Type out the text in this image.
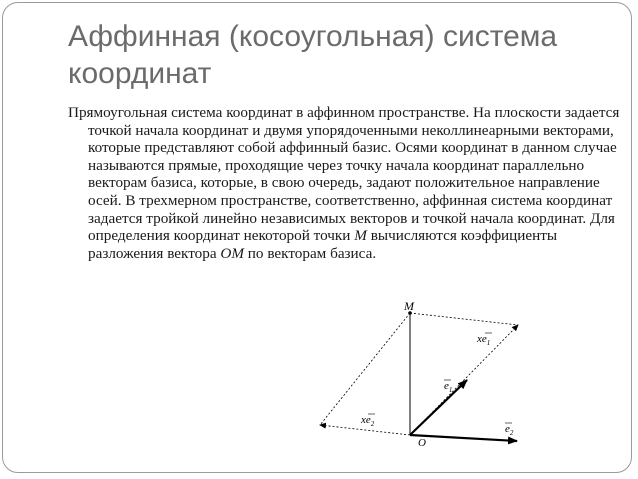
Аффинная (косоугольная) система координат

Прямоугольная система координат в аффинном пространстве. На плоскости задается точкой начала координат и двумя упорядоченными неколлинеарными векторами, которые представляют собой аффинный базис. Осями координат в данном случае называются прямые, проходящие через точку начала координат параллельно векторам базиса, которые, в свою очередь, задают положительное направление осей. В трехмерном пространстве, соответственно, аффинная система координат задается тройкой линейно независимых векторов и точкой начала координат. Для определения координат некоторой точки M вычисляются коэффициенты разложения вектора OM по векторам базиса.

M
O
$xe_1$
$e_1$
$xe_2$	$e_2$
